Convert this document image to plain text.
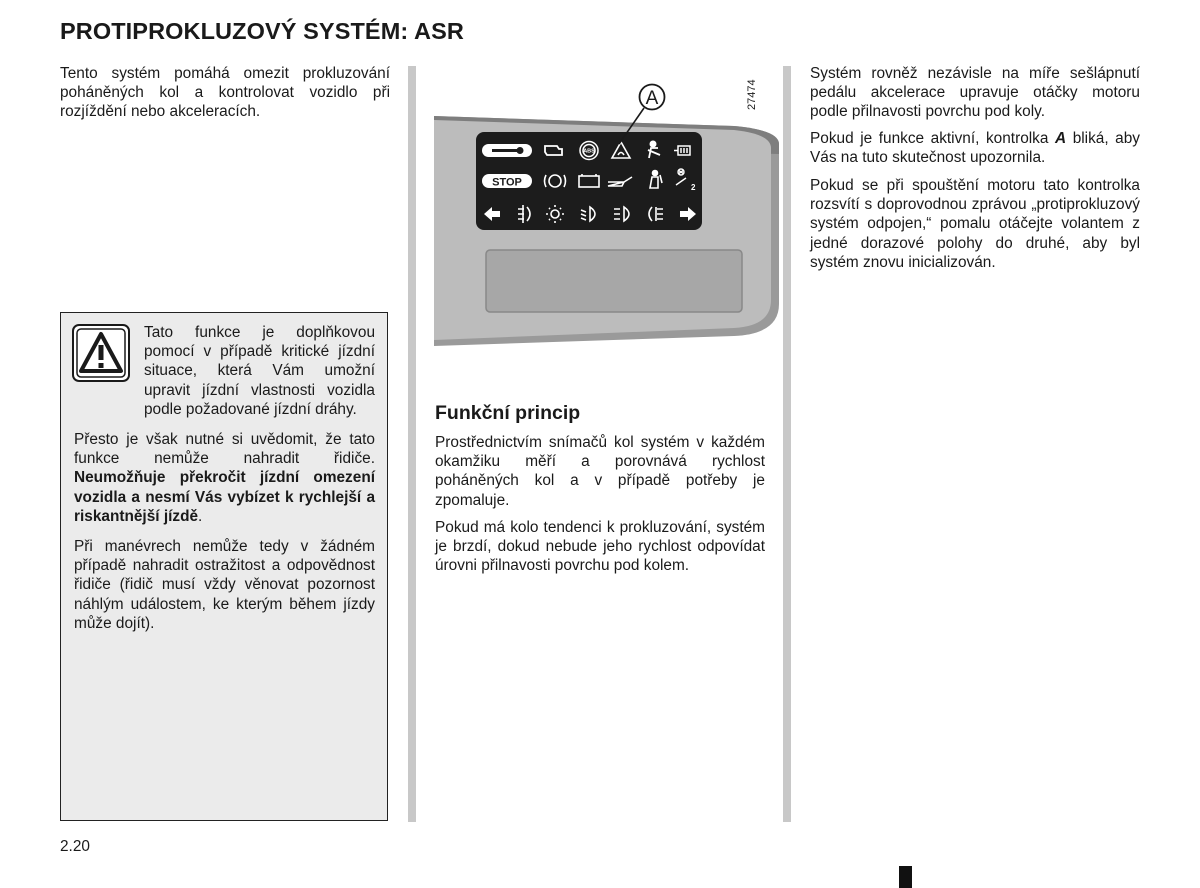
PROTIPROKLUZOVÝ SYSTÉM: ASR

Tento systém pomáhá omezit prokluzování poháněných kol a kontrolovat vozidlo při rozjíždění nebo akceleracích.

Tato funkce je doplňkovou pomocí v případě kritické jízdní situace, která Vám umožní upravit jízdní vlastnosti vozidla podle požadované jízdní dráhy.

Přesto je však nutné si uvědomit, že tato funkce nemůže nahradit řidiče. Neumožňuje překročit jízdní omezení vozidla a nesmí Vás vybízet k rychlejší a riskantnější jízdě.

Při manévrech nemůže tedy v žádném případě nahradit ostražitost a odpovědnost řidiče (řidič musí vždy věnovat pozornost náhlým událostem, ke kterým během jízdy může dojít).

ABS
STOP	2
A	27474
Funkční princip

Prostřednictvím snímačů kol systém v každém okamžiku měří a porovnává rychlost poháněných kol a v případě potřeby je zpomaluje.

Pokud má kolo tendenci k prokluzování, systém je brzdí, dokud nebude jeho rychlost odpovídat úrovni přilnavosti povrchu pod kolem.

Systém rovněž nezávisle na míře sešlápnutí pedálu akcelerace upravuje otáčky motoru podle přilnavosti povrchu pod koly.

Pokud je funkce aktivní, kontrolka A bliká, aby Vás na tuto skutečnost upozornila.

Pokud se při spouštění motoru tato kontrolka rozsvítí s doprovodnou zprávou „protiprokluzový systém odpojen,“ pomalu otáčejte volantem z jedné dorazové polohy do druhé, aby byl systém znovu inicializován.

2.20
